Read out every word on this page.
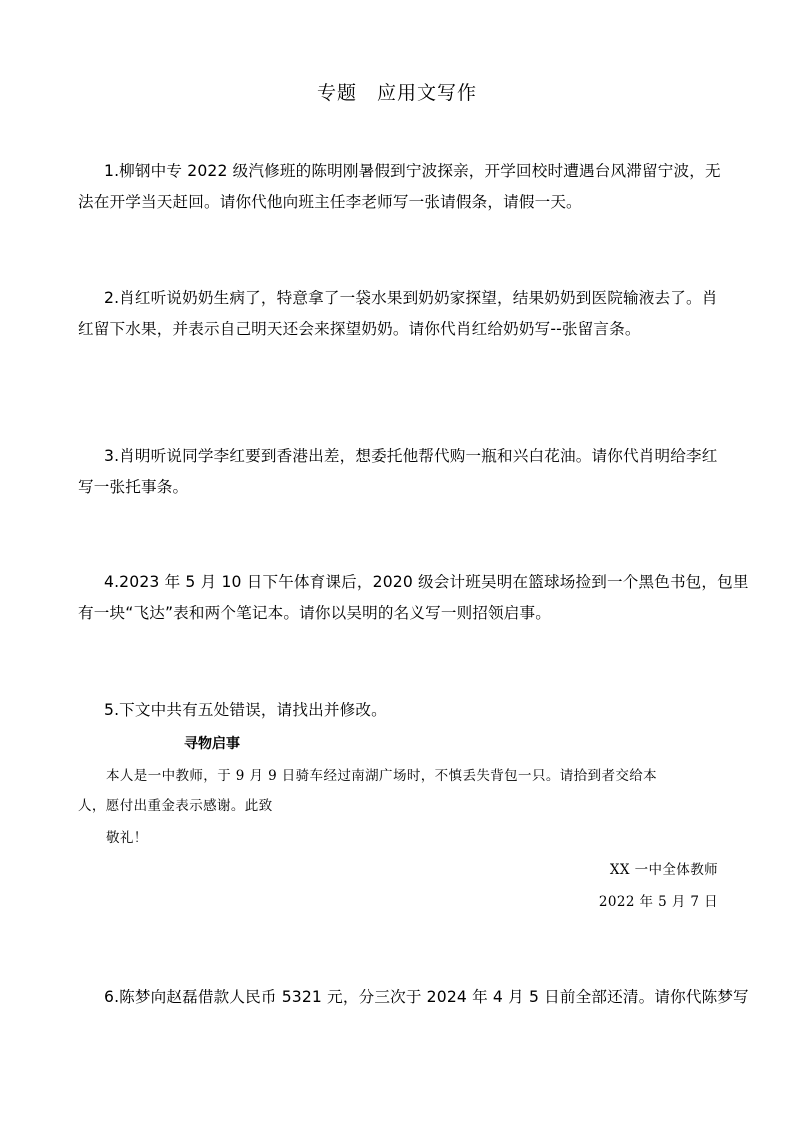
专题 应用文写作
1.柳钢中专 2022 级汽修班的陈明刚暑假到宁波探亲，开学回校时遭遇台风滞留宁波，无
法在开学当天赶回。请你代他向班主任李老师写一张请假条，请假一天。
2.肖红听说奶奶生病了，特意拿了一袋水果到奶奶家探望，结果奶奶到医院输液去了。肖
红留下水果，并表示自己明天还会来探望奶奶。请你代肖红给奶奶写--张留言条。
3.肖明听说同学李红要到香港出差，想委托他帮代购一瓶和兴白花油。请你代肖明给李红
写一张托事条。
4.2023 年 5 月 10 日下午体育课后，2020 级会计班吴明在篮球场捡到一个黑色书包，包里
有一块“飞达”表和两个笔记本。请你以吴明的名义写一则招领启事。
5.下文中共有五处错误，请找出并修改。
寻物启事
本人是一中教师，于 9 月 9 日骑车经过南湖广场时，不慎丢失背包一只。请拾到者交给本
人，愿付出重金表示感谢。此致
敬礼！
XX 一中全体教师
2022 年 5 月 7 日
6.陈梦向赵磊借款人民币 5321 元，分三次于 2024 年 4 月 5 日前全部还清。请你代陈梦写
